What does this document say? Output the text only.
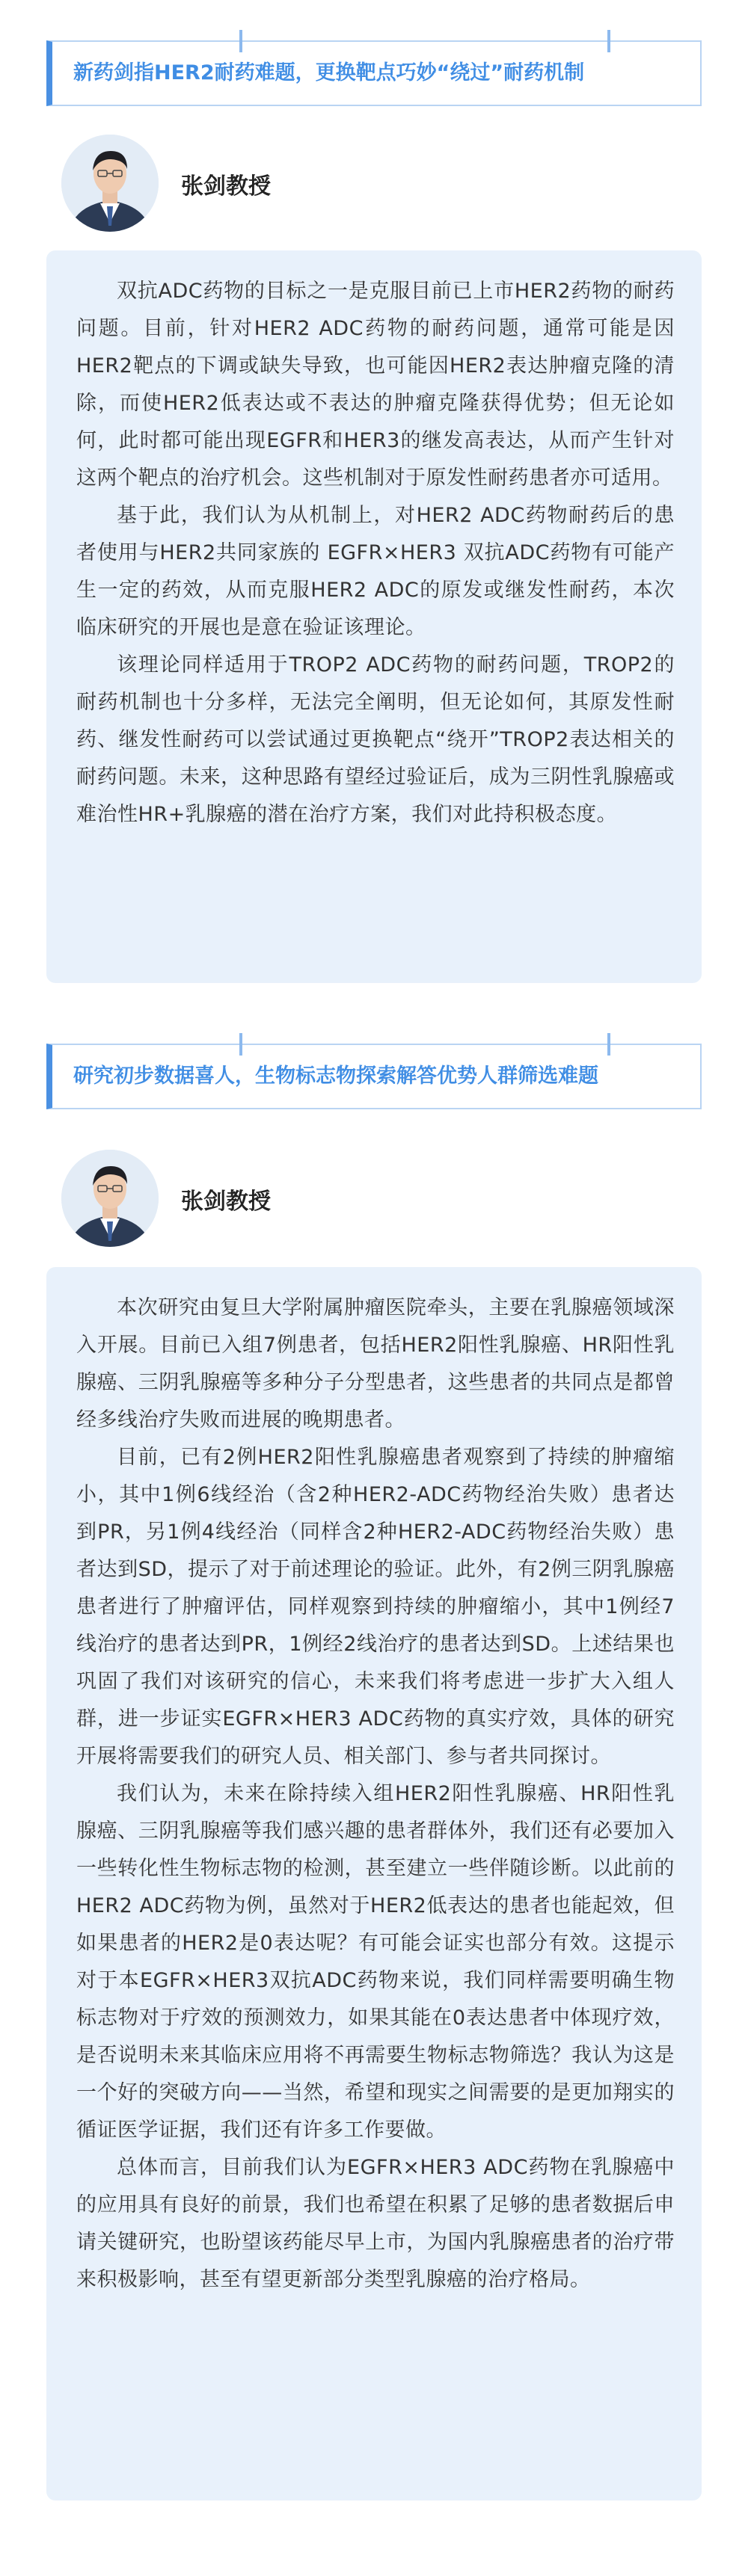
新药剑指HER2耐药难题，更换靶点巧妙“绕过”耐药机制
张剑教授

双抗ADC药物的目标之一是克服目前已上市HER2药物的耐药问题。目前，针对HER2 ADC药物的耐药问题，通常可能是因HER2靶点的下调或缺失导致，也可能因HER2表达肿瘤克隆的清除，而使HER2低表达或不表达的肿瘤克隆获得优势；但无论如何，此时都可能出现EGFR和HER3的继发高表达，从而产生针对这两个靶点的治疗机会。这些机制对于原发性耐药患者亦可适用。

基于此，我们认为从机制上，对HER2 ADC药物耐药后的患者使用与HER2共同家族的 EGFR×HER3 双抗ADC药物有可能产生一定的药效，从而克服HER2 ADC的原发或继发性耐药，本次临床研究的开展也是意在验证该理论。

该理论同样适用于TROP2 ADC药物的耐药问题，TROP2的耐药机制也十分多样，无法完全阐明，但无论如何，其原发性耐药、继发性耐药可以尝试通过更换靶点“绕开”TROP2表达相关的耐药问题。未来，这种思路有望经过验证后，成为三阴性乳腺癌或难治性HR+乳腺癌的潜在治疗方案，我们对此持积极态度。

研究初步数据喜人，生物标志物探索解答优势人群筛选难题
张剑教授

本次研究由复旦大学附属肿瘤医院牵头，主要在乳腺癌领域深入开展。目前已入组7例患者，包括HER2阳性乳腺癌、HR阳性乳腺癌、三阴乳腺癌等多种分子分型患者，这些患者的共同点是都曾经多线治疗失败而进展的晚期患者。

目前，已有2例HER2阳性乳腺癌患者观察到了持续的肿瘤缩小，其中1例6线经治（含2种HER2-ADC药物经治失败）患者达到PR，另1例4线经治（同样含2种HER2-ADC药物经治失败）患者达到SD，提示了对于前述理论的验证。此外，有2例三阴乳腺癌患者进行了肿瘤评估，同样观察到持续的肿瘤缩小，其中1例经7线治疗的患者达到PR，1例经2线治疗的患者达到SD。上述结果也巩固了我们对该研究的信心，未来我们将考虑进一步扩大入组人群，进一步证实EGFR×HER3 ADC药物的真实疗效，具体的研究开展将需要我们的研究人员、相关部门、参与者共同探讨。

我们认为，未来在除持续入组HER2阳性乳腺癌、HR阳性乳腺癌、三阴乳腺癌等我们感兴趣的患者群体外，我们还有必要加入一些转化性生物标志物的检测，甚至建立一些伴随诊断。以此前的HER2 ADC药物为例，虽然对于HER2低表达的患者也能起效，但如果患者的HER2是0表达呢？有可能会证实也部分有效。这提示对于本EGFR×HER3双抗ADC药物来说，我们同样需要明确生物标志物对于疗效的预测效力，如果其能在0表达患者中体现疗效，是否说明未来其临床应用将不再需要生物标志物筛选？我认为这是一个好的突破方向——当然，希望和现实之间需要的是更加翔实的循证医学证据，我们还有许多工作要做。

总体而言，目前我们认为EGFR×HER3 ADC药物在乳腺癌中的应用具有良好的前景，我们也希望在积累了足够的患者数据后申请关键研究，也盼望该药能尽早上市，为国内乳腺癌患者的治疗带来积极影响，甚至有望更新部分类型乳腺癌的治疗格局。
